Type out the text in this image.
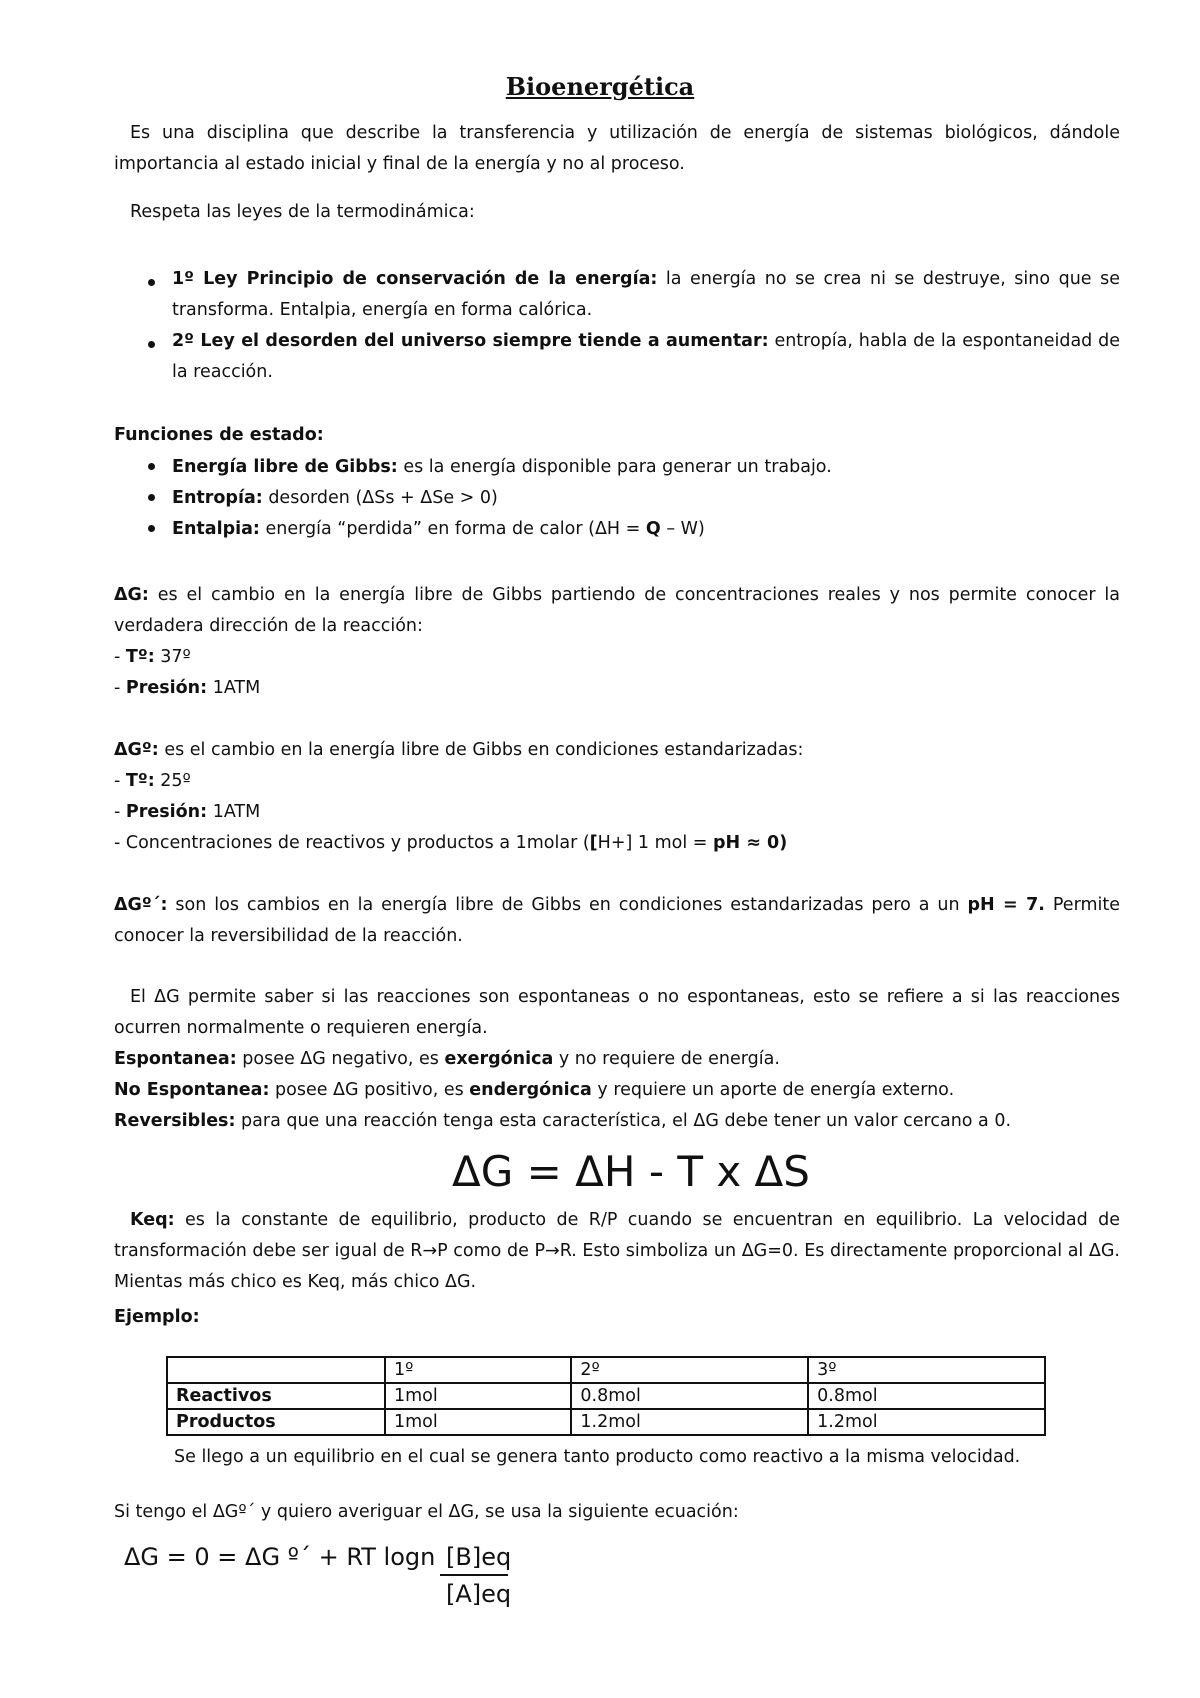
Bioenergética
Es una disciplina que describe la transferencia y utilización de energía de sistemas biológicos, dándole importancia al estado inicial y final de la energía y no al proceso.
Respeta las leyes de la termodinámica:
1º Ley Principio de conservación de la energía: la energía no se crea ni se destruye, sino que se transforma. Entalpia, energía en forma calórica.
2º Ley el desorden del universo siempre tiende a aumentar: entropía, habla de la espontaneidad de la reacción.
Funciones de estado:
Energía libre de Gibbs: es la energía disponible para generar un trabajo.
Entropía: desorden (ΔSs + ΔSe > 0)
Entalpia: energía “perdida” en forma de calor (ΔH = Q – W)
ΔG: es el cambio en la energía libre de Gibbs partiendo de concentraciones reales y nos permite conocer la verdadera dirección de la reacción:
- Tº: 37º
- Presión: 1ATM
ΔGº: es el cambio en la energía libre de Gibbs en condiciones estandarizadas:
- Tº: 25º
- Presión: 1ATM
- Concentraciones de reactivos y productos a 1molar ([H+] 1 mol = pH ≈ 0)
ΔGº´: son los cambios en la energía libre de Gibbs en condiciones estandarizadas pero a un pH = 7. Permite conocer la reversibilidad de la reacción.
El ΔG permite saber si las reacciones son espontaneas o no espontaneas, esto se refiere a si las reacciones ocurren normalmente o requieren energía.
Espontanea: posee ΔG negativo, es exergónica y no requiere de energía.
No Espontanea: posee ΔG positivo, es endergónica y requiere un aporte de energía externo.
Reversibles: para que una reacción tenga esta característica, el ΔG debe tener un valor cercano a 0.
ΔG = ΔH - T x ΔS
Keq: es la constante de equilibrio, producto de R/P cuando se encuentran en equilibrio. La velocidad de transformación debe ser igual de R→P como de P→R. Esto simboliza un ΔG=0. Es directamente proporcional al ΔG. Mientas más chico es Keq, más chico ΔG.
Ejemplo:
	1º	2º	3º
Reactivos	1mol	0.8mol	0.8mol
Productos	1mol	1.2mol	1.2mol
Se llego a un equilibrio en el cual se genera tanto producto como reactivo a la misma velocidad.
Si tengo el ΔGº´ y quiero averiguar el ΔG, se usa la siguiente ecuación:
ΔG = 0 = ΔG º´ + RT logn [B]eq
[A]eq
